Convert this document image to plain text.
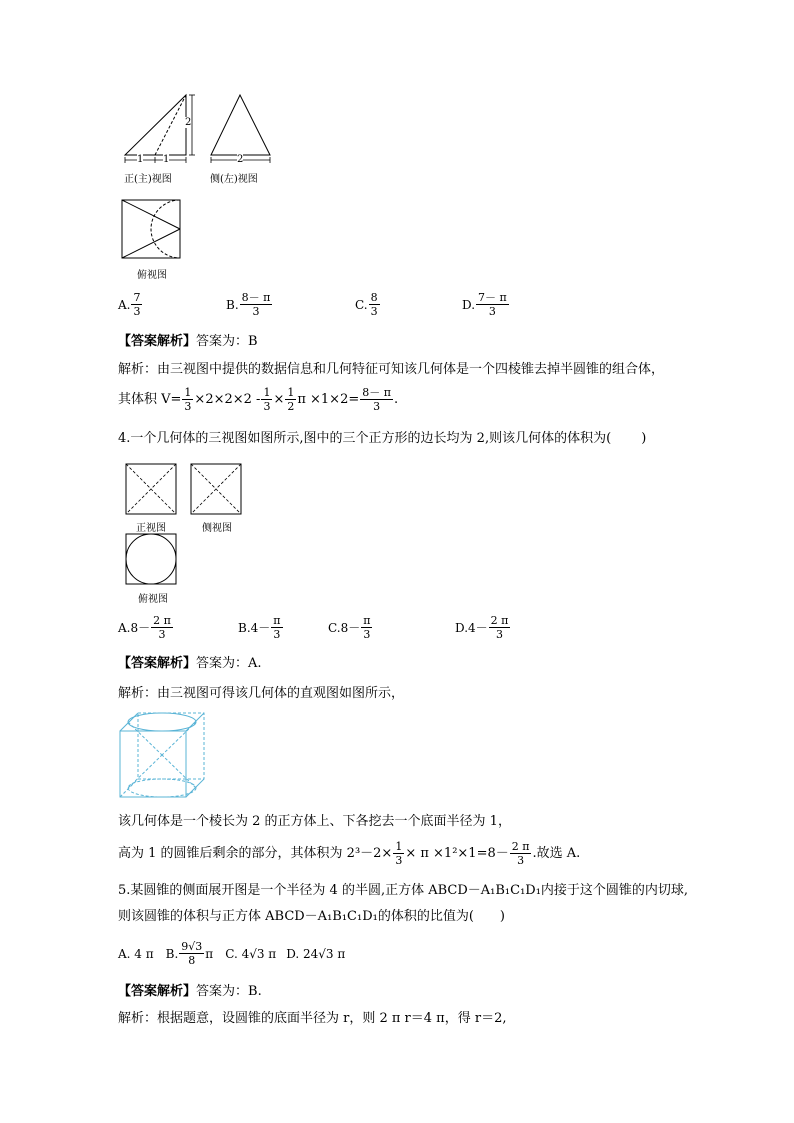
2
1 1
正(主)视图
2
侧(左)视图
俯视图
A. $\frac{7}{3}$	B. $\frac{8- \pi}{3}$	C. $\frac{8}{3}$	D. $\frac{7- \pi}{3}$
【答案解析】答案为：B
解析：由三视图中提供的数据信息和几何特征可知该几何体是一个四棱锥去掉半圆锥的组合体，
其体积 $V= \frac{1}{3} \times 2\times 2\times 2 - \frac{1}{3} \times \frac{1}{2}$ $\pi \times 1\times 2= \frac{8- \pi}{3}$ .
4.一个几何体的三视图如图所示,图中的三个正方形的边长均为 2,则该几何体的体积为(　　 )
正视图	侧视图
俯视图
A. $8- \frac{2 \pi}{3}$	B. $4- \frac{\pi}{3}$	C. $8- \frac{\pi}{3}$	D. $4- \frac{2 \pi}{3}$
【答案解析】答案为：A.
解析：由三视图可得该几何体的直观图如图所示，
该几何体是一个棱长为 2 的正方体上、下各挖去一个底面半径为 1，
高为 1 的圆锥后剩余的部分，其体积为 $2^3-2\times \frac{1}{3} \times \pi \times 1^2\times 1=8- \frac{2 \pi}{3}$ .故选 A.
5.某圆锥的侧面展开图是一个半径为 4 的半圆,正方体 ABCD－A₁B₁C₁D₁内接于这个圆锥的内切球,
则该圆锥的体积与正方体 ABCD－A₁B₁C₁D₁的体积的比值为(　　)
A. 4 π B. $\frac{9√3}{8}$ π C. 4√3 π D. 24√3 π
【答案解析】答案为：B.
解析：根据题意，设圆锥的底面半径为 r，则 2 π r＝4 π，得 r＝2,
